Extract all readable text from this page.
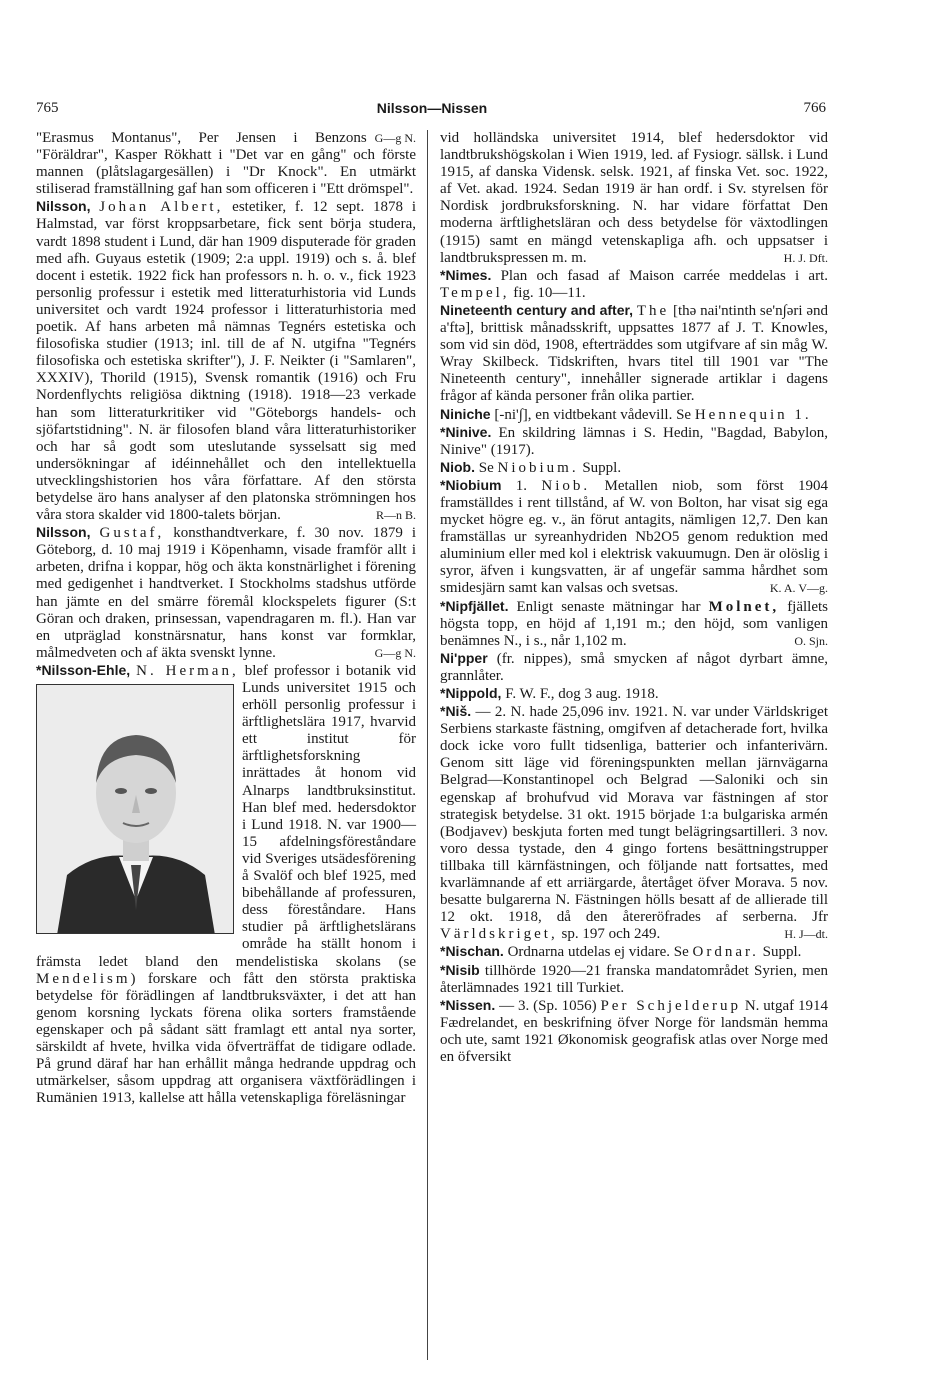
765	Nilsson—Nissen	766

G—g N.
"Erasmus Montanus", Per Jensen i Benzons "Föräldrar", Kasper Rökhatt i "Det var en gång" och förste mannen (plåtslagargesällen) i "Dr Knock". En utmärkt stiliserad framställning gaf han som officeren i "Ett drömspel".

Nilsson, Johan Albert, estetiker, f. 12 sept. 1878 i Halmstad, var först kroppsarbetare, fick sent börja studera, vardt 1898 student i Lund, där han 1909 disputerade för graden med afh. Guyaus estetik (1909; 2:a uppl. 1919) och s. å. blef docent i estetik. 1922 fick han professors n. h. o. v., fick 1923 personlig professur i estetik med litteraturhistoria vid Lunds universitet och vardt 1924 professor i litteraturhistoria med poetik. Af hans arbeten må nämnas Tegnérs estetiska och filosofiska studier (1913; inl. till de af N. utgifna "Tegnérs filosofiska och estetiska skrifter"), J. F. Neikter (i "Samlaren", XXXIV), Thorild (1915), Svensk romantik (1916) och Fru Nordenflychts religiösa diktning (1918). 1918—23 verkade han som litteraturkritiker vid "Göteborgs handels- och sjöfartstidning". N. är filosofen bland våra litteraturhistoriker och har så godt som uteslutande sysselsatt sig med undersökningar af idéinnehållet och den intellektuella utvecklingshistorien hos våra författare. Af den största betydelse äro hans analyser af den platonska strömningen hos våra stora skalder vid 1800-talets början.	R—n B.

Nilsson, Gustaf, konsthandtverkare, f. 30 nov. 1879 i Göteborg, d. 10 maj 1919 i Köpenhamn, visade framför allt i arbeten, drifna i koppar, hög och äkta konstnärlighet i förening med gedigenhet i handtverket. I Stockholms stadshus utförde han jämte en del smärre föremål klockspelets figurer (S:t Göran och draken, prinsessan, vapendragaren m. fl.). Han var en utpräglad konstnärsnatur, hans konst var formklar, målmedveten och af äkta svenskt lynne.	G—g N.

*Nilsson-Ehle, N. Herman, blef professor i botanik vid Lunds universitet 1915 och erhöll personlig professur i ärftlighetslära 1917, hvarvid ett institut för ärftlighetsforskning inrättades åt honom vid Alnarps landtbruksinstitut. Han blef med. hedersdoktor i Lund 1918. N. var 1900—15 afdelningsföreståndare vid Sveriges utsädesförening å Svalöf och blef 1925, med bibehållande af professuren, dess föreståndare. Hans studier på ärftlighetslärans område ha ställt honom i främsta ledet bland den mendelistiska skolans (se Mendelism) forskare och fått den största praktiska betydelse för förädlingen af landtbruksväxter, i det att han genom korsning lyckats förena olika sorters framstående egenskaper och på sådant sätt framlagt ett antal nya sorter, särskildt af hvete, hvilka vida öfverträffat de tidigare odlade. På grund däraf har han erhållit många hedrande uppdrag och utmärkelser, såsom uppdrag att organisera växtförädlingen i Rumänien 1913, kallelse att hålla vetenskapliga föreläsningar

vid holländska universitet 1914, blef hedersdoktor vid landtbrukshögskolan i Wien 1919, led. af Fysiogr. sällsk. i Lund 1915, af danska Vidensk. selsk. 1921, af finska Vet. soc. 1922, af Vet. akad. 1924. Sedan 1919 är han ordf. i Sv. styrelsen för Nordisk jordbruksforskning. N. har vidare författat Den moderna ärftlighetsläran och dess betydelse för växtodlingen (1915) samt en mängd vetenskapliga afh. och uppsatser i landtbrukspressen m. m.	H. J. Dft.

*Nimes. Plan och fasad af Maison carrée meddelas i art. Tempel, fig. 10—11.

Nineteenth century and after, The [thə nai'ntinth se'n∫əri ənd a'ftə], brittisk månadsskrift, uppsattes 1877 af J. T. Knowles, som vid sin död, 1908, efterträddes som utgifvare af sin måg W. Wray Skilbeck. Tidskriften, hvars titel till 1901 var "The Nineteenth century", innehåller signerade artiklar i dagens frågor af kända personer från olika partier.

Niniche [-ni'∫], en vidtbekant vådevill. Se Hennequin 1.

*Ninive. En skildring lämnas i S. Hedin, "Bagdad, Babylon, Ninive" (1917).

Niob. Se Niobium. Suppl.

*Niobium 1. Niob. Metallen niob, som först 1904 framställdes i rent tillstånd, af W. von Bolton, har visat sig ega mycket högre eg. v., än förut antagits, nämligen 12,7. Den kan framställas ur syreanhydriden Nb2O5 genom reduktion med aluminium eller med kol i elektrisk vakuumugn. Den är olöslig i syror, äfven i kungsvatten, är af ungefär samma hårdhet som smidesjärn samt kan valsas och svetsas.	K. A. V—g.

*Nipfjället. Enligt senaste mätningar har Molnet, fjällets högsta topp, en höjd af 1,191 m.; den höjd, som vanligen benämnes N., i s., når 1,102 m.	O. Sjn.

Ni'pper (fr. nippes), små smycken af något dyrbart ämne, grannlåter.

*Nippold, F. W. F., dog 3 aug. 1918.

*Niš. — 2. N. hade 25,096 inv. 1921. N. var under Världskriget Serbiens starkaste fästning, omgifven af detacherade fort, hvilka dock icke voro fullt tidsenliga, batterier och infanterivärn. Genom sitt läge vid föreningspunkten mellan järnvägarna Belgrad—Konstantinopel och Belgrad —Saloniki och sin egenskap af brohufvud vid Morava var fästningen af stor strategisk betydelse. 31 okt. 1915 började 1:a bulgariska armén (Bodjavev) beskjuta forten med tungt belägringsartilleri. 3 nov. voro dessa tystade, den 4 gingo fortens besättningstrupper tillbaka till kärnfästningen, och följande natt fortsattes, med kvarlämnande af ett arriärgarde, återtåget öfver Morava. 5 nov. besatte bulgarerna N. Fästningen hölls besatt af de allierade till 12 okt. 1918, då den återeröfrades af serberna. Jfr Världskriget, sp. 197 och 249.	H. J—dt.

*Nischan. Ordnarna utdelas ej vidare. Se Ordnar. Suppl.

*Nisib tillhörde 1920—21 franska mandatområdet Syrien, men återlämnades 1921 till Turkiet.

*Nissen. — 3. (Sp. 1056) Per Schjelderup N. utgaf 1914 Fædrelandet, en beskrifning öfver Norge för landsmän hemma och ute, samt 1921 Økonomisk geografisk atlas over Norge med en öfversikt
